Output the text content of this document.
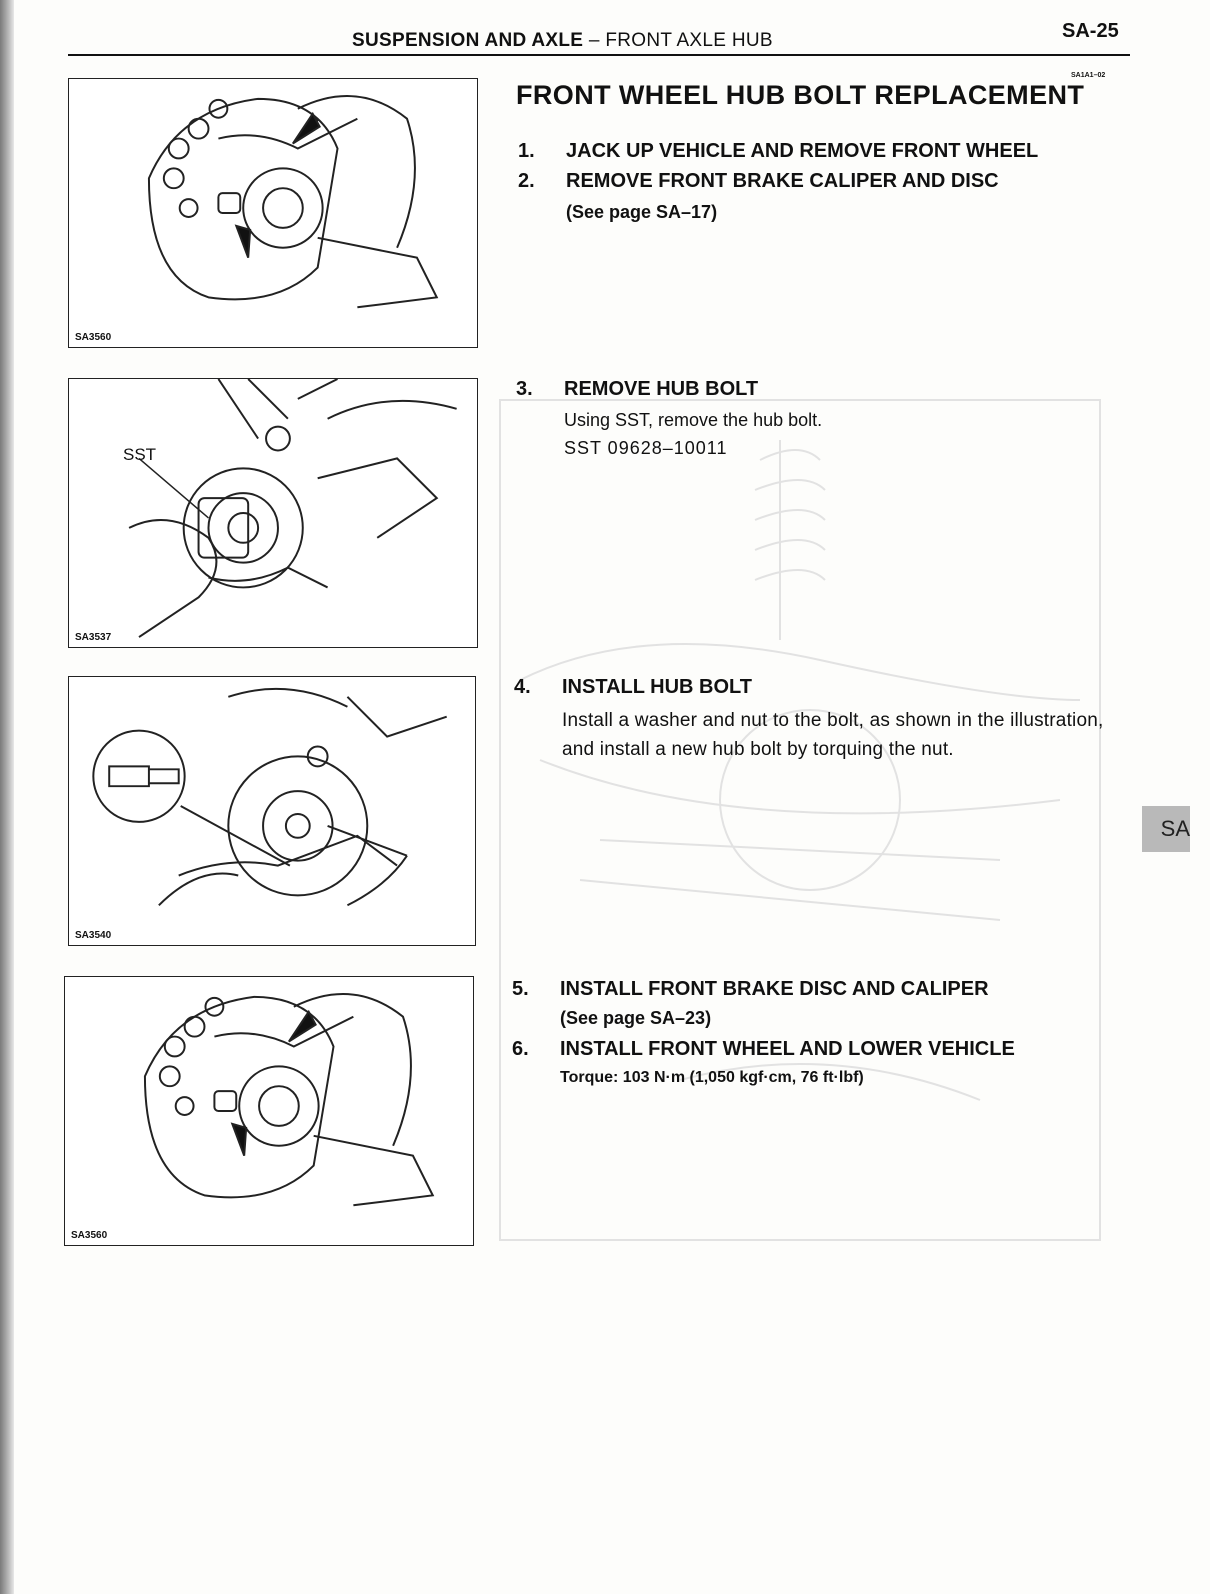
SUSPENSION AND AXLE – FRONT AXLE HUB	SA-25
SA3560
SST
SA3537
SA3540
SA3560
SA1A1–02
FRONT WHEEL HUB BOLT REPLACEMENT
1. JACK UP VEHICLE AND REMOVE FRONT WHEEL
2. REMOVE FRONT BRAKE CALIPER AND DISC
(See page SA–17)
3. REMOVE HUB BOLT
Using SST, remove the hub bolt.
SST 09628–10011
4. INSTALL HUB BOLT
Install a washer and nut to the bolt, as shown in the illustration, and install a new hub bolt by torquing the nut.
5. INSTALL FRONT BRAKE DISC AND CALIPER
(See page SA–23)
6. INSTALL FRONT WHEEL AND LOWER VEHICLE
Torque: 103 N·m (1,050 kgf·cm, 76 ft·lbf)
SA
